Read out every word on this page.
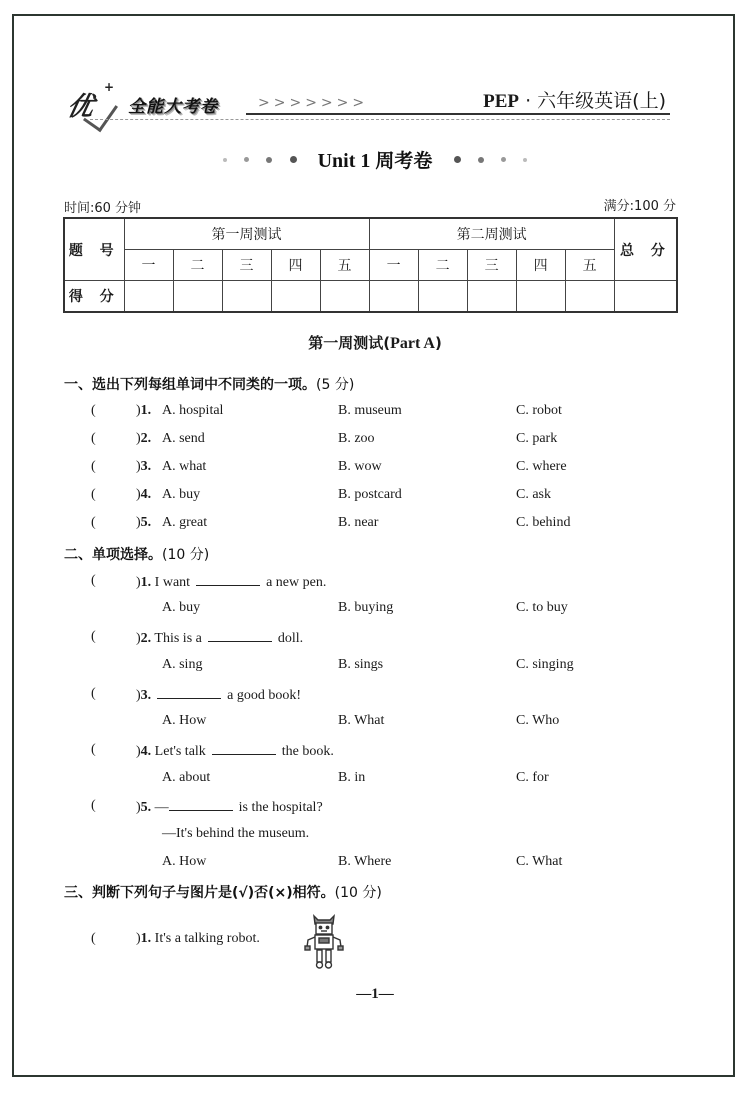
优
+
全能大考卷	>>>>>>>	PEP · 六年级英语(上)
Unit 1 周考卷
时间:60 分钟	满分:100 分
题 号	第一周测试					第二周测试					总 分
	一	二	三	四	五	一	二	三	四	五	
得 分											
第一周测试(Part A)
一、选出下列每组单词中不同类的一项。(5 分)
(	)1. A. hospital	B. museum	C. robot
(	)2. A. send	B. zoo	C. park
(	)3. A. what	B. wow	C. where
(	)4. A. buy	B. postcard	C. ask
(	)5. A. great	B. near	C. behind
二、单项选择。(10 分)
(	)1. I want	a new pen.
A. buy	B. buying	C. to buy
(	)2. This is a	doll.
A. sing	B. sings	C. singing
(	)3.	a good book!
A. How	B. What	C. Who
(	)4. Let's talk	the book.
A. about	B. in	C. for
(	)5. —	is the hospital?
—It's behind the museum.
A. How	B. Where	C. What
三、判断下列句子与图片是(√)否(×)相符。(10 分)
(	)1. It's a talking robot.
—1—
